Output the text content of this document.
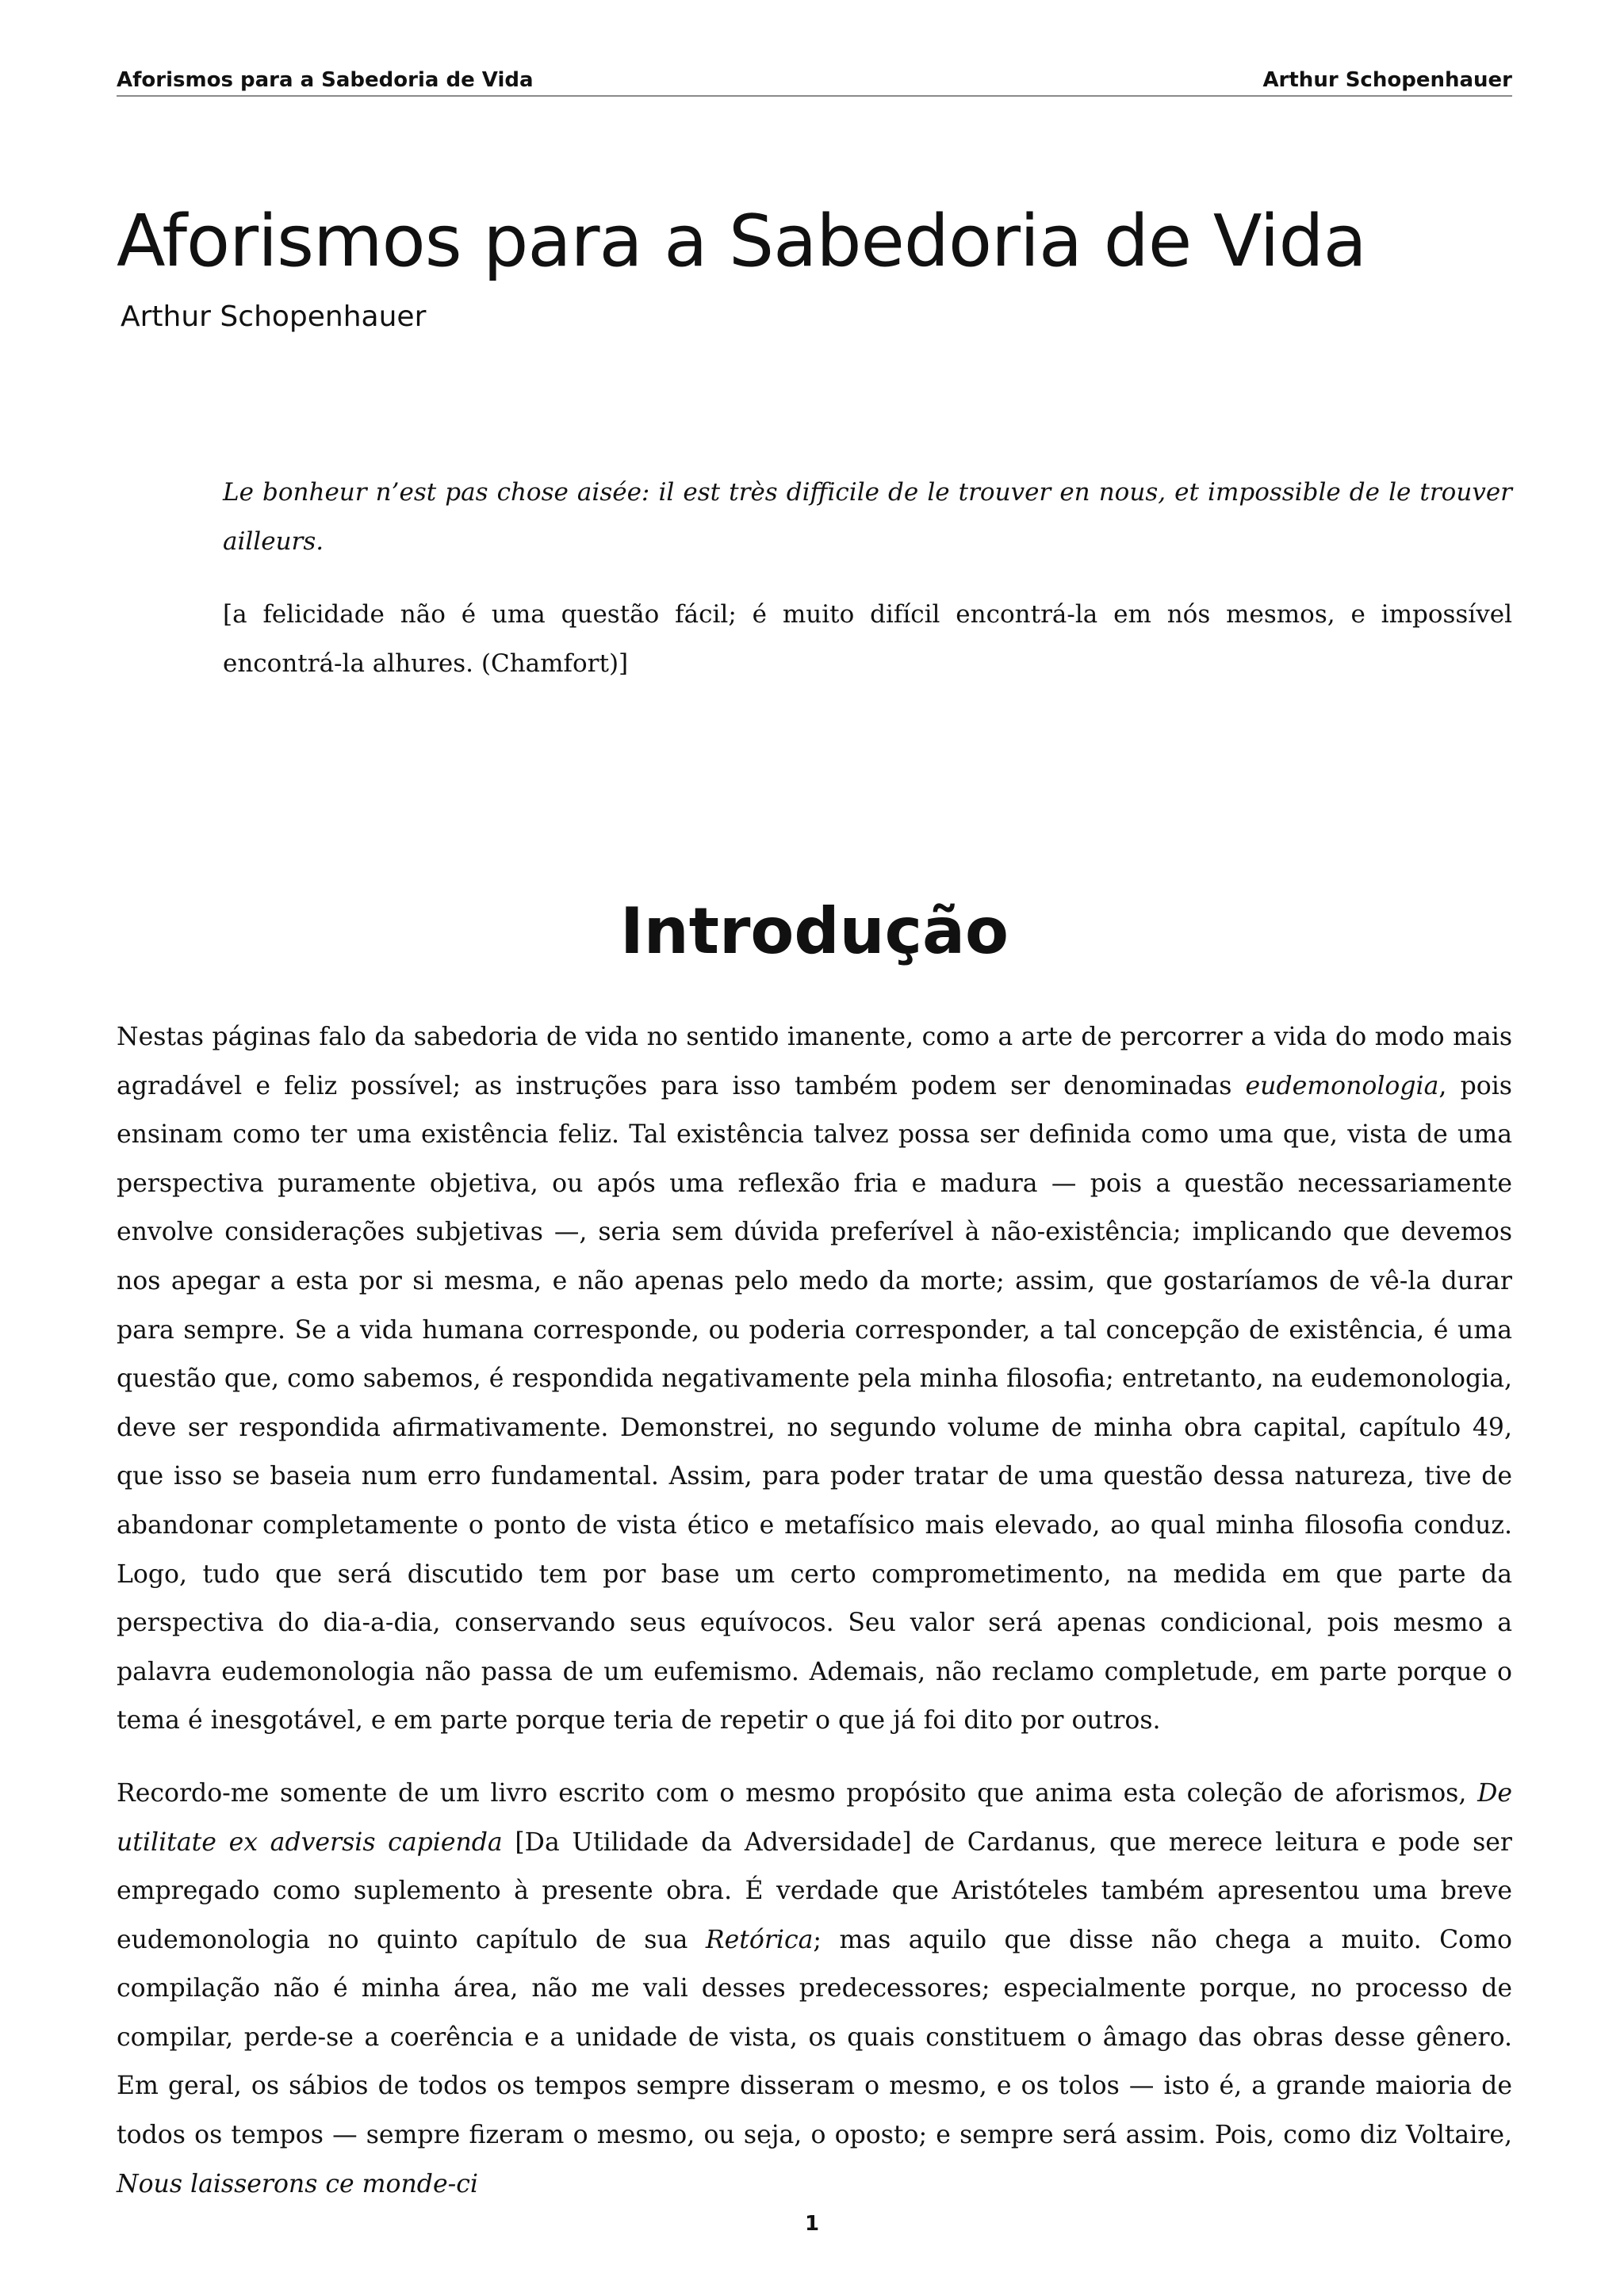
Aforismos para a Sabedoria de Vida	Arthur Schopenhauer
Aforismos para a Sabedoria de Vida
Arthur Schopenhauer

Le bonheur n’est pas chose aisée: il est très difficile de le trouver en nous, et impossible de le trouver ailleurs.

[a felicidade não é uma questão fácil; é muito difícil encontrá-la em nós mesmos, e impossível encontrá-la alhures. (Chamfort)]

Introdução

Nestas páginas falo da sabedoria de vida no sentido imanente, como a arte de percorrer a vida do modo mais agradável e feliz possível; as instruções para isso também podem ser denominadas eudemonologia, pois ensinam como ter uma existência feliz. Tal existência talvez possa ser definida como uma que, vista de uma perspectiva puramente objetiva, ou após uma reflexão fria e madura — pois a questão necessariamente envolve considerações subjetivas —, seria sem dúvida preferível à não-existência; implicando que devemos nos apegar a esta por si mesma, e não apenas pelo medo da morte; assim, que gostaríamos de vê-la durar para sempre. Se a vida humana corresponde, ou poderia corresponder, a tal concepção de existência, é uma questão que, como sabemos, é respondida negativamente pela minha filosofia; entretanto, na eudemonologia, deve ser respondida afirmativamente. Demonstrei, no segundo volume de minha obra capital, capítulo 49, que isso se baseia num erro fundamental. Assim, para poder tratar de uma questão dessa natureza, tive de abandonar completamente o ponto de vista ético e metafísico mais elevado, ao qual minha filosofia conduz. Logo, tudo que será discutido tem por base um certo comprometimento, na medida em que parte da perspectiva do dia-a-dia, conservando seus equívocos. Seu valor será apenas condicional, pois mesmo a palavra eudemonologia não passa de um eufemismo. Ademais, não reclamo completude, em parte porque o tema é inesgotável, e em parte porque teria de repetir o que já foi dito por outros.

Recordo-me somente de um livro escrito com o mesmo propósito que anima esta coleção de aforismos, De utilitate ex adversis capienda [Da Utilidade da Adversidade] de Cardanus, que merece leitura e pode ser empregado como suplemento à presente obra. É verdade que Aristóteles também apresentou uma breve eudemonologia no quinto capítulo de sua Retórica; mas aquilo que disse não chega a muito. Como compilação não é minha área, não me vali desses predecessores; especialmente porque, no processo de compilar, perde-se a coerência e a unidade de vista, os quais constituem o âmago das obras desse gênero. Em geral, os sábios de todos os tempos sempre disseram o mesmo, e os tolos — isto é, a grande maioria de todos os tempos — sempre fizeram o mesmo, ou seja, o oposto; e sempre será assim. Pois, como diz Voltaire, Nous laisserons ce monde-ci

1
